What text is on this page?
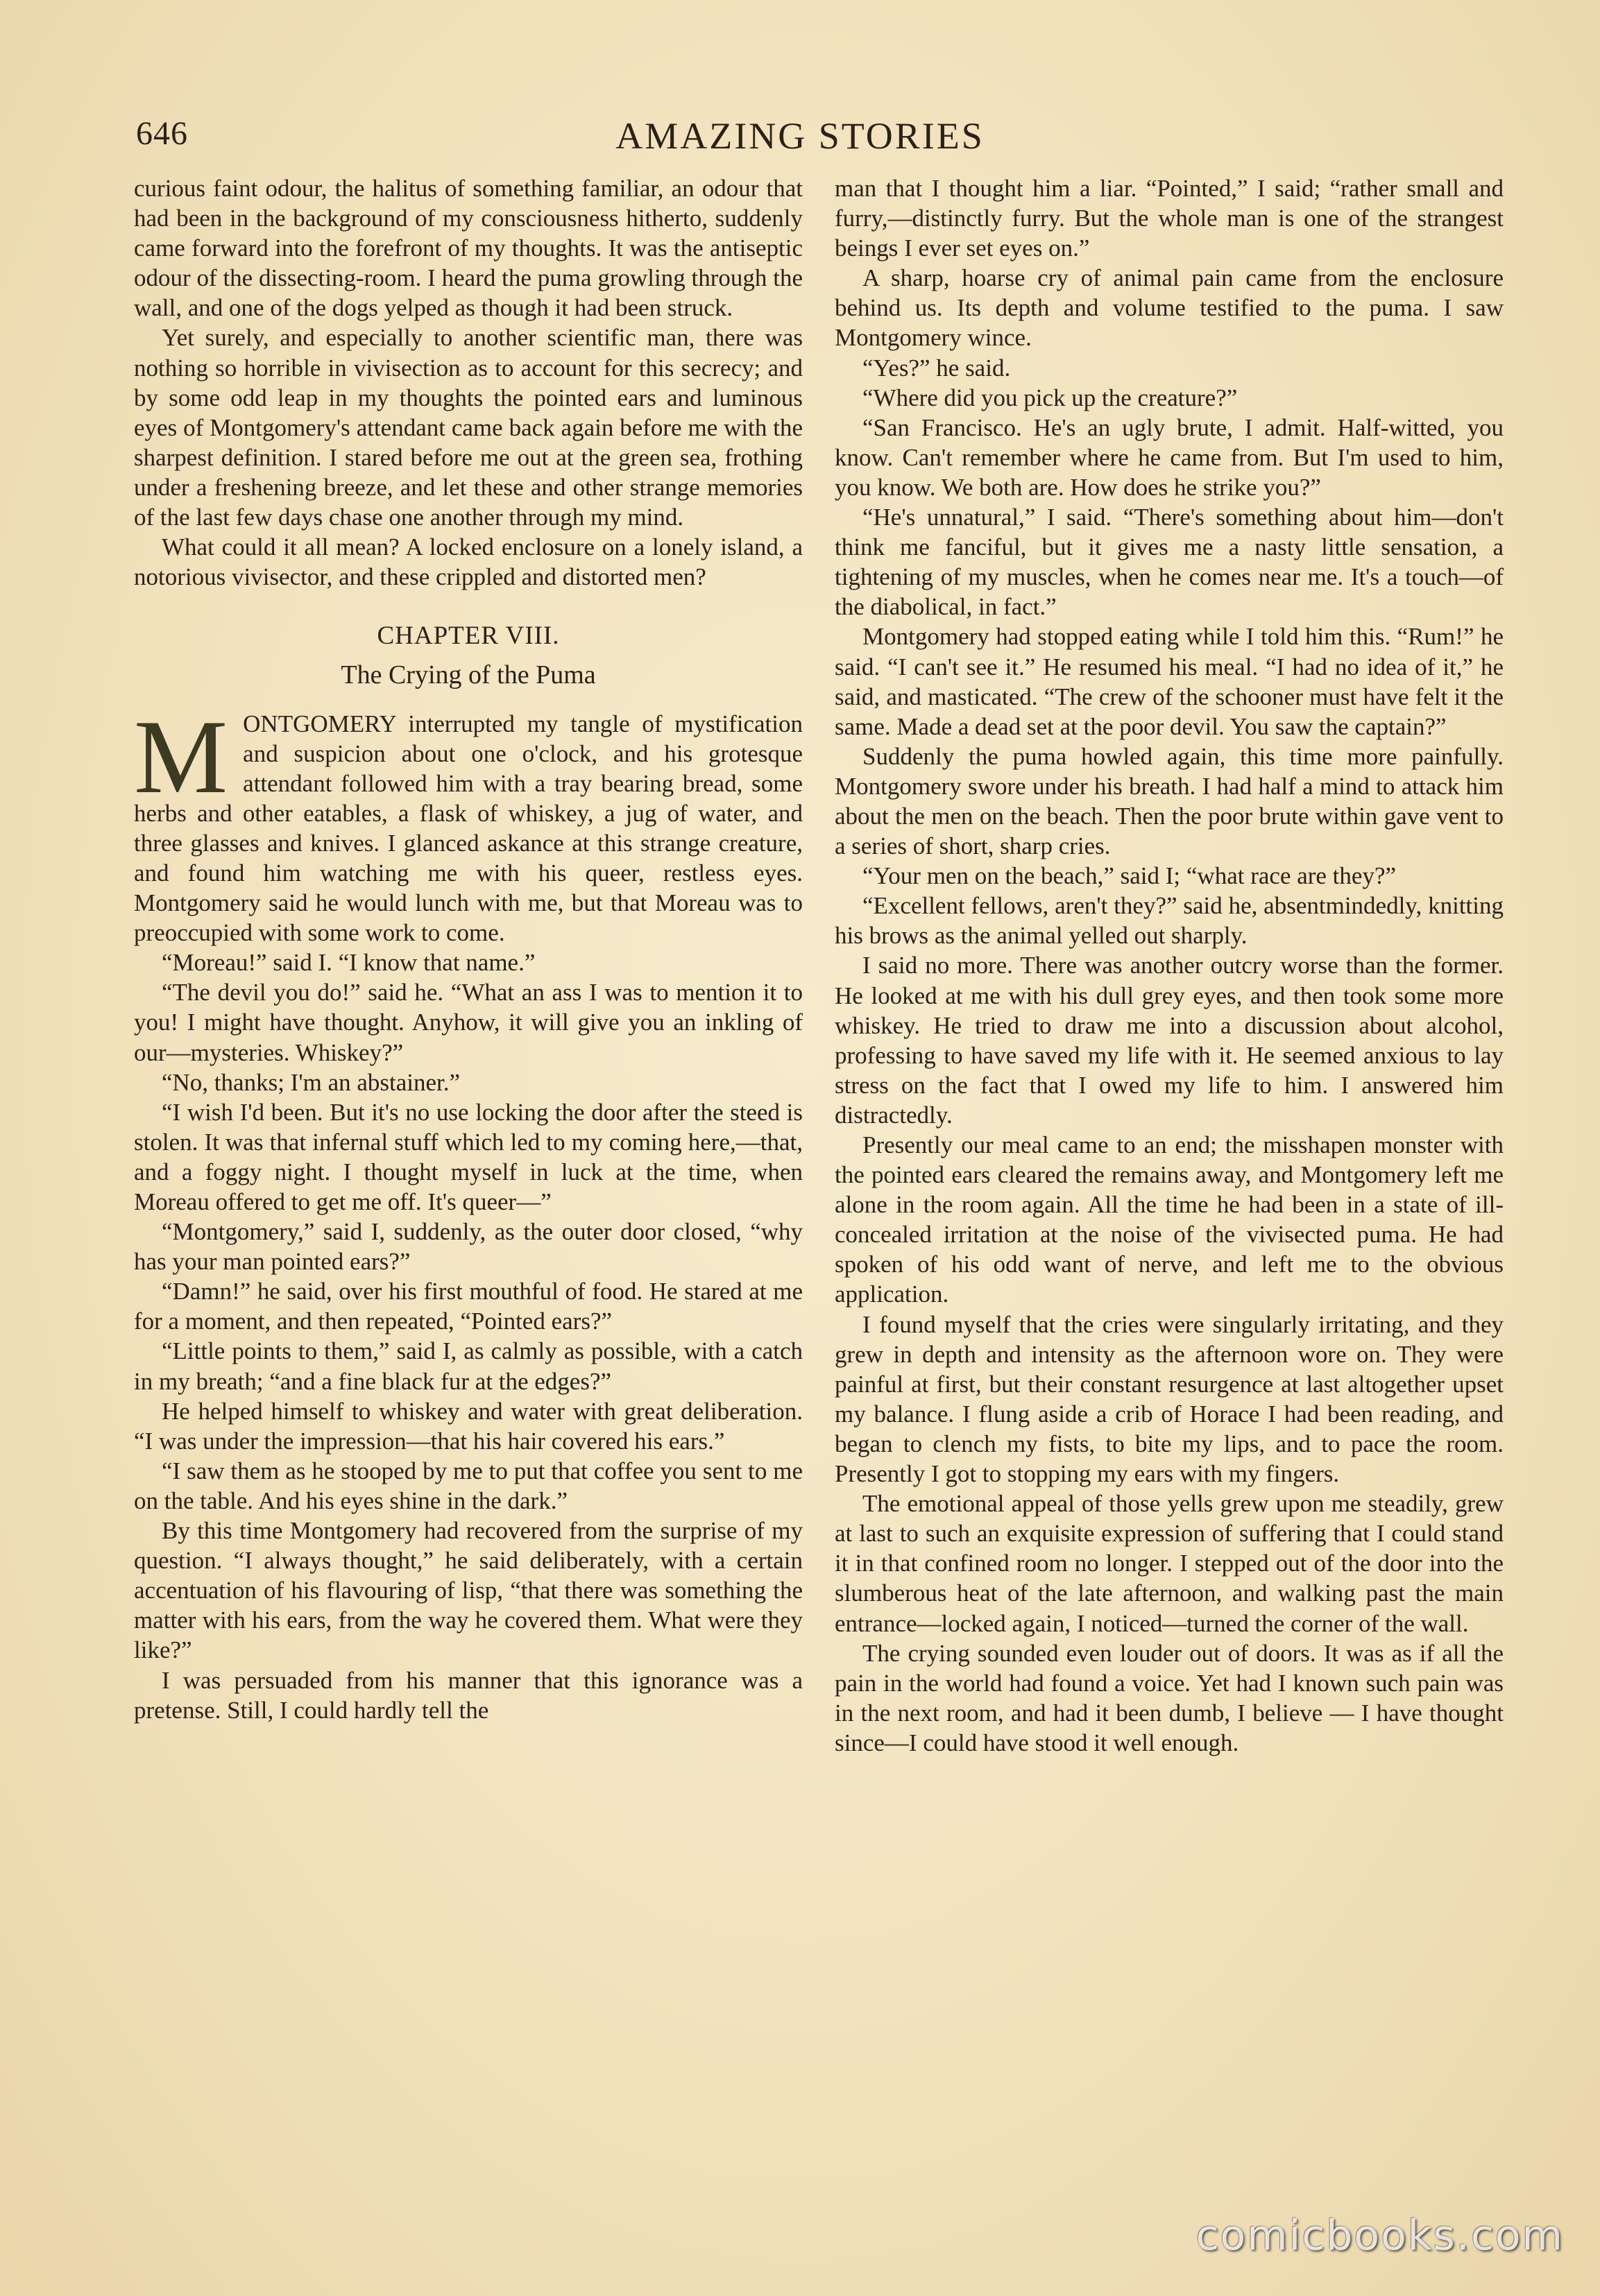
646	AMAZING STORIES

curious faint odour, the halitus of something familiar, an odour that had been in the background of my consciousness hitherto, suddenly came forward into the forefront of my thoughts. It was the antiseptic odour of the dissecting-room. I heard the puma growling through the wall, and one of the dogs yelped as though it had been struck.

Yet surely, and especially to another scientific man, there was nothing so horrible in vivisection as to account for this secrecy; and by some odd leap in my thoughts the pointed ears and luminous eyes of Montgomery's attendant came back again before me with the sharpest definition. I stared before me out at the green sea, frothing under a freshening breeze, and let these and other strange memories of the last few days chase one another through my mind.

What could it all mean? A locked enclosure on a lonely island, a notorious vivisector, and these crippled and distorted men?

CHAPTER VIII.
The Crying of the Puma

MONTGOMERY interrupted my tangle of mystification and suspicion about one o'clock, and his grotesque attendant followed him with a tray bearing bread, some herbs and other eatables, a flask of whiskey, a jug of water, and three glasses and knives. I glanced askance at this strange creature, and found him watching me with his queer, restless eyes. Montgomery said he would lunch with me, but that Moreau was to preoccupied with some work to come.

“Moreau!” said I. “I know that name.”

“The devil you do!” said he. “What an ass I was to mention it to you! I might have thought. Anyhow, it will give you an inkling of our—mysteries. Whiskey?”

“No, thanks; I'm an abstainer.”

“I wish I'd been. But it's no use locking the door after the steed is stolen. It was that infernal stuff which led to my coming here,—that, and a foggy night. I thought myself in luck at the time, when Moreau offered to get me off. It's queer—”

“Montgomery,” said I, suddenly, as the outer door closed, “why has your man pointed ears?”

“Damn!” he said, over his first mouthful of food. He stared at me for a moment, and then repeated, “Pointed ears?”

“Little points to them,” said I, as calmly as possible, with a catch in my breath; “and a fine black fur at the edges?”

He helped himself to whiskey and water with great deliberation. “I was under the impression—that his hair covered his ears.”

“I saw them as he stooped by me to put that coffee you sent to me on the table. And his eyes shine in the dark.”

By this time Montgomery had recovered from the surprise of my question. “I always thought,” he said deliberately, with a certain accentuation of his flavouring of lisp, “that there was something the matter with his ears, from the way he covered them. What were they like?”

I was persuaded from his manner that this ignorance was a pretense. Still, I could hardly tell the

man that I thought him a liar. “Pointed,” I said; “rather small and furry,—distinctly furry. But the whole man is one of the strangest beings I ever set eyes on.”

A sharp, hoarse cry of animal pain came from the enclosure behind us. Its depth and volume testified to the puma. I saw Montgomery wince.

“Yes?” he said.

“Where did you pick up the creature?”

“San Francisco. He's an ugly brute, I admit. Half-witted, you know. Can't remember where he came from. But I'm used to him, you know. We both are. How does he strike you?”

“He's unnatural,” I said. “There's something about him—don't think me fanciful, but it gives me a nasty little sensation, a tightening of my muscles, when he comes near me. It's a touch—of the diabolical, in fact.”

Montgomery had stopped eating while I told him this. “Rum!” he said. “I can't see it.” He resumed his meal. “I had no idea of it,” he said, and masticated. “The crew of the schooner must have felt it the same. Made a dead set at the poor devil. You saw the captain?”

Suddenly the puma howled again, this time more painfully. Montgomery swore under his breath. I had half a mind to attack him about the men on the beach. Then the poor brute within gave vent to a series of short, sharp cries.

“Your men on the beach,” said I; “what race are they?”

“Excellent fellows, aren't they?” said he, absentmindedly, knitting his brows as the animal yelled out sharply.

I said no more. There was another outcry worse than the former. He looked at me with his dull grey eyes, and then took some more whiskey. He tried to draw me into a discussion about alcohol, professing to have saved my life with it. He seemed anxious to lay stress on the fact that I owed my life to him. I answered him distractedly.

Presently our meal came to an end; the misshapen monster with the pointed ears cleared the remains away, and Montgomery left me alone in the room again. All the time he had been in a state of ill-concealed irritation at the noise of the vivisected puma. He had spoken of his odd want of nerve, and left me to the obvious application.

I found myself that the cries were singularly irritating, and they grew in depth and intensity as the afternoon wore on. They were painful at first, but their constant resurgence at last altogether upset my balance. I flung aside a crib of Horace I had been reading, and began to clench my fists, to bite my lips, and to pace the room. Presently I got to stopping my ears with my fingers.

The emotional appeal of those yells grew upon me steadily, grew at last to such an exquisite expression of suffering that I could stand it in that confined room no longer. I stepped out of the door into the slumberous heat of the late afternoon, and walking past the main entrance—locked again, I noticed—turned the corner of the wall.

The crying sounded even louder out of doors. It was as if all the pain in the world had found a voice. Yet had I known such pain was in the next room, and had it been dumb, I believe — I have thought since—I could have stood it well enough.

comicbooks.com
